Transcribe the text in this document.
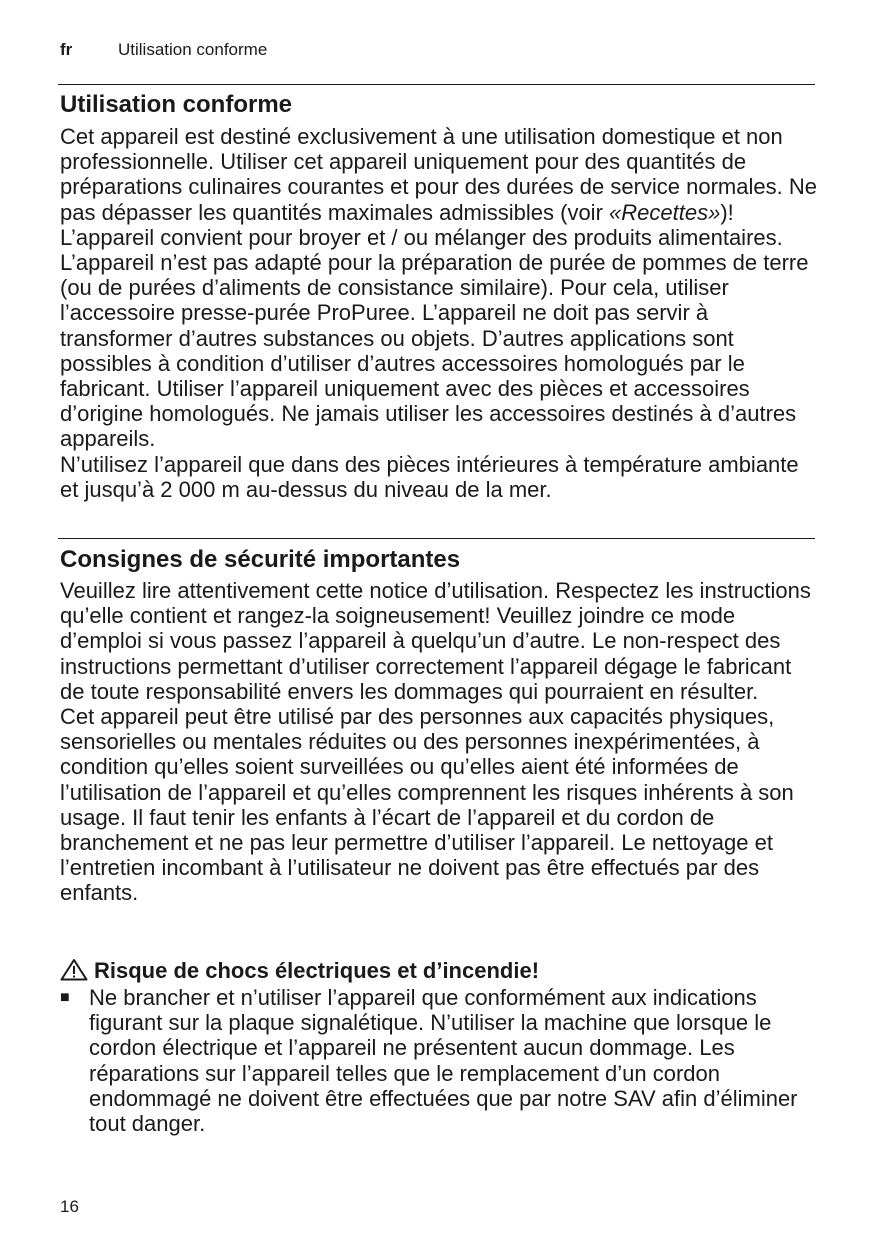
fr	Utilisation conforme
Utilisation conforme

Cet appareil est destiné exclusivement à une utilisation domestique et non professionnelle. Utiliser cet appareil uniquement pour des quantités de préparations culinaires courantes et pour des durées de service normales. Ne pas dépasser les quantités maximales admissibles (voir «Recettes»)! L’appareil convient pour broyer et / ou mélanger des produits alimentaires. L’appareil n’est pas adapté pour la préparation de purée de pommes de terre (ou de purées d’aliments de consistance similaire). Pour cela, utiliser l’accessoire presse-purée ProPuree. L’appareil ne doit pas servir à transformer d’autres substances ou objets. D’autres applications sont possibles à condition d’utiliser d’autres accessoires homologués par le fabricant. Utiliser l’appareil uniquement avec des pièces et accessoires d’origine homologués. Ne jamais utiliser les accessoires destinés à d’autres appareils.

N’utilisez l’appareil que dans des pièces intérieures à température ambiante et jusqu’à 2 000 m au-dessus du niveau de la mer.

Consignes de sécurité importantes

Veuillez lire attentivement cette notice d’utilisation. Respectez les instructions qu’elle contient et rangez-la soigneusement! Veuillez joindre ce mode d’emploi si vous passez l’appareil à quelqu’un d’autre. Le non-respect des instructions permettant d’utiliser correctement l’appareil dégage le fabricant de toute responsabilité envers les dommages qui pourraient en résulter.

Cet appareil peut être utilisé par des personnes aux capacités physiques, sensorielles ou mentales réduites ou des personnes inexpérimentées, à condition qu’elles soient surveillées ou qu’elles aient été informées de l’utilisation de l’appareil et qu’elles comprennent les risques inhérents à son usage. Il faut tenir les enfants à l’écart de l’appareil et du cordon de branchement et ne pas leur permettre d’utiliser l’appareil. Le nettoyage et l’entretien incombant à l’utilisateur ne doivent pas être effectués par des enfants.

Risque de chocs électriques et d’incendie!
■ Ne brancher et n’utiliser l’appareil que conformément aux indications figurant sur la plaque signalétique. N’utiliser la machine que lorsque le cordon électrique et l’appareil ne présentent aucun dommage. Les réparations sur l’appareil telles que le remplacement d’un cordon endommagé ne doivent être effectuées que par notre SAV afin d’éliminer tout danger.
16
